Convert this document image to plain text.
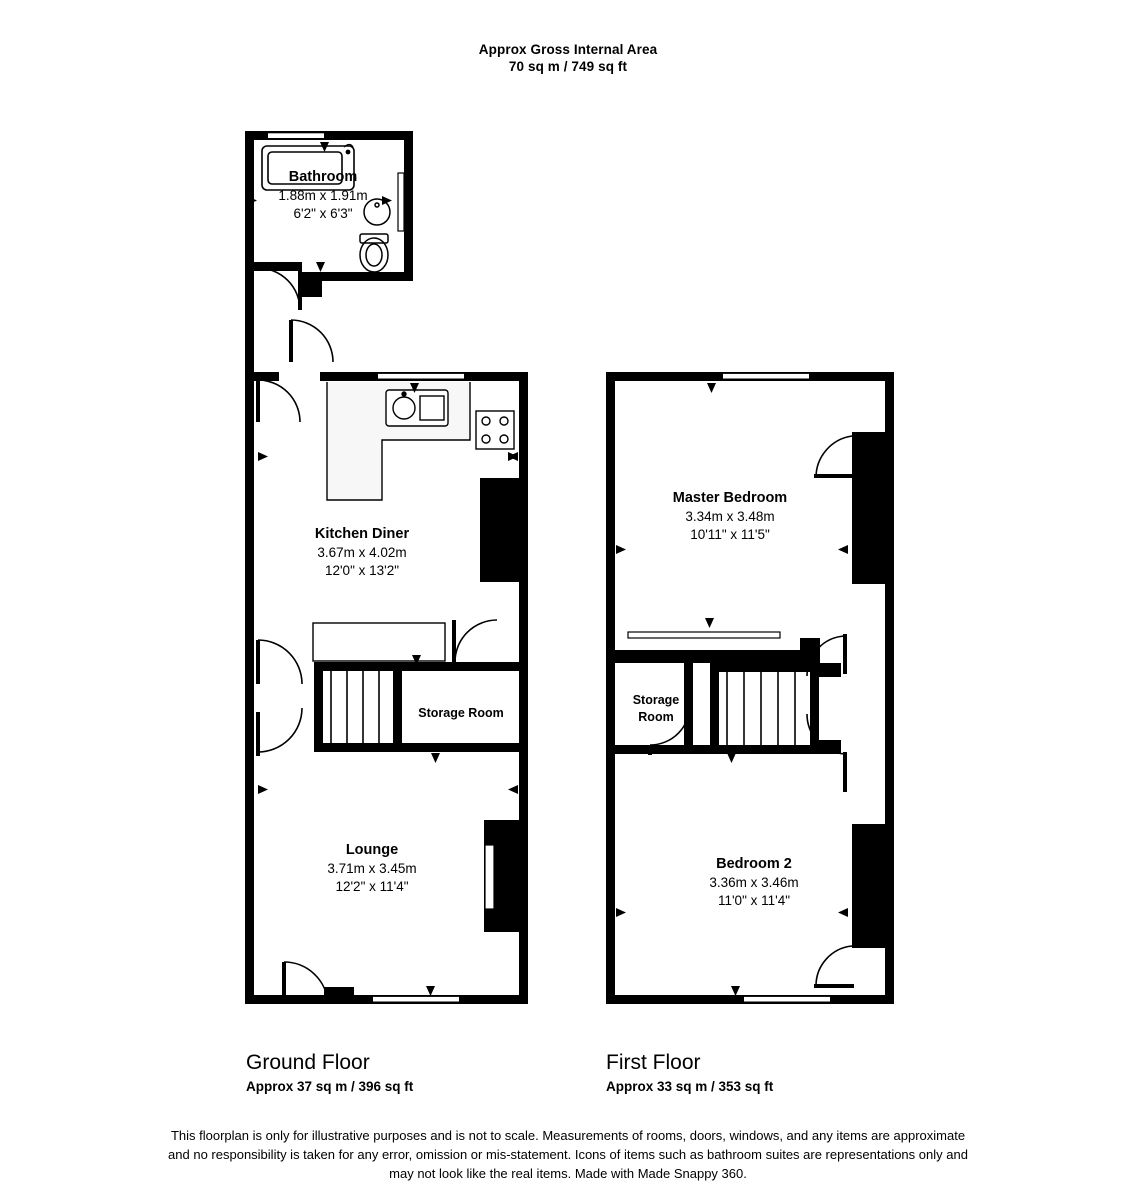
Approx Gross Internal Area
70 sq m / 749 sq ft
Bathroom
1.88m x 1.91m
6'2" x 6'3"
Kitchen Diner
3.67m x 4.02m
12'0" x 13'2"
Storage Room
Lounge
3.71m x 3.45m
12'2" x 11'4"
Master Bedroom
3.34m x 3.48m
10'11" x 11'5"
Storage
Room
Bedroom 2
3.36m x 3.46m
11'0" x 11'4"
Ground Floor
Approx 37 sq m / 396 sq ft
First Floor
Approx 33 sq m / 353 sq ft
This floorplan is only for illustrative purposes and is not to scale. Measurements of rooms, doors, windows, and any items are approximate
and no responsibility is taken for any error, omission or mis-statement. Icons of items such as bathroom suites are representations only and
may not look like the real items. Made with Made Snappy 360.
